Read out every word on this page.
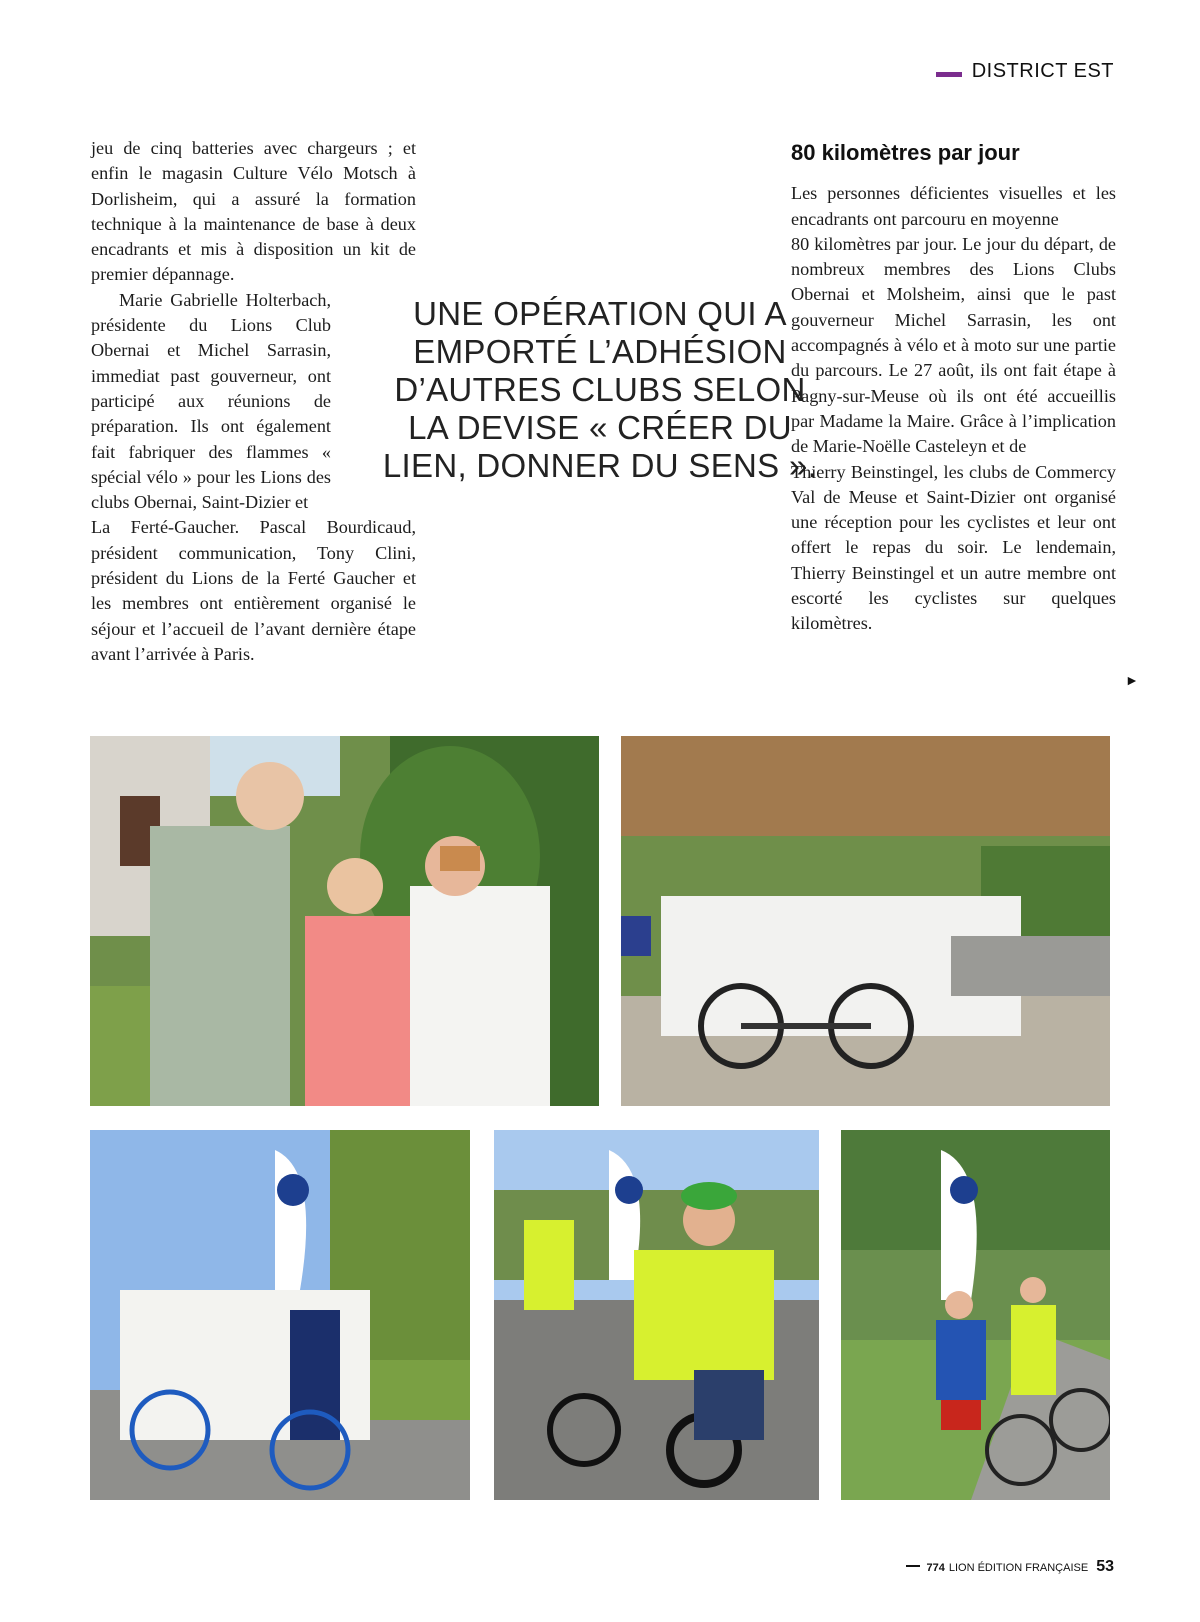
DISTRICT EST

jeu de cinq batteries avec chargeurs ; et enfin le magasin Culture Vélo Motsch à Dorlisheim, qui a assuré la formation technique à la maintenance de base à deux encadrants et mis à disposition un kit de premier dépannage.

Marie Gabrielle Holterbach, présidente du Lions Club Obernai et Michel Sarrasin, immediat past gouverneur, ont participé aux réunions de préparation. Ils ont également fait fabriquer des flammes « spécial vélo » pour les Lions des clubs Obernai, Saint-Dizier et

La Ferté-Gaucher. Pascal Bourdicaud, président communication, Tony Clini, président du Lions de la Ferté Gaucher et les membres ont entièrement organisé le séjour et l’accueil de l’avant dernière étape avant l’arrivée à Paris.

UNE OPÉRATION QUI A EMPORTÉ L’ADHÉSION D’AUTRES CLUBS SELON LA DEVISE « CRÉER DU LIEN, DONNER DU SENS ».
80 kilomètres par jour

Les personnes déficientes visuelles et les encadrants ont parcouru en moyenne

80 kilomètres par jour. Le jour du départ, de nombreux membres des Lions Clubs Obernai et Molsheim, ainsi que le past gouverneur Michel Sarrasin, les ont accompagnés à vélo et à moto sur une partie du parcours. Le 27 août, ils ont fait étape à Pagny-sur-Meuse où ils ont été accueillis par Madame la Maire. Grâce à l’implication de Marie-Noëlle Casteleyn et de

Thierry Beinstingel, les clubs de Commercy Val de Meuse et Saint-Dizier ont organisé une réception pour les cyclistes et leur ont offert le repas du soir. Le lendemain, Thierry Beinstingel et un autre membre ont escorté les cyclistes sur quelques kilomètres.

►
774 LION ÉDITION FRANÇAISE 53
